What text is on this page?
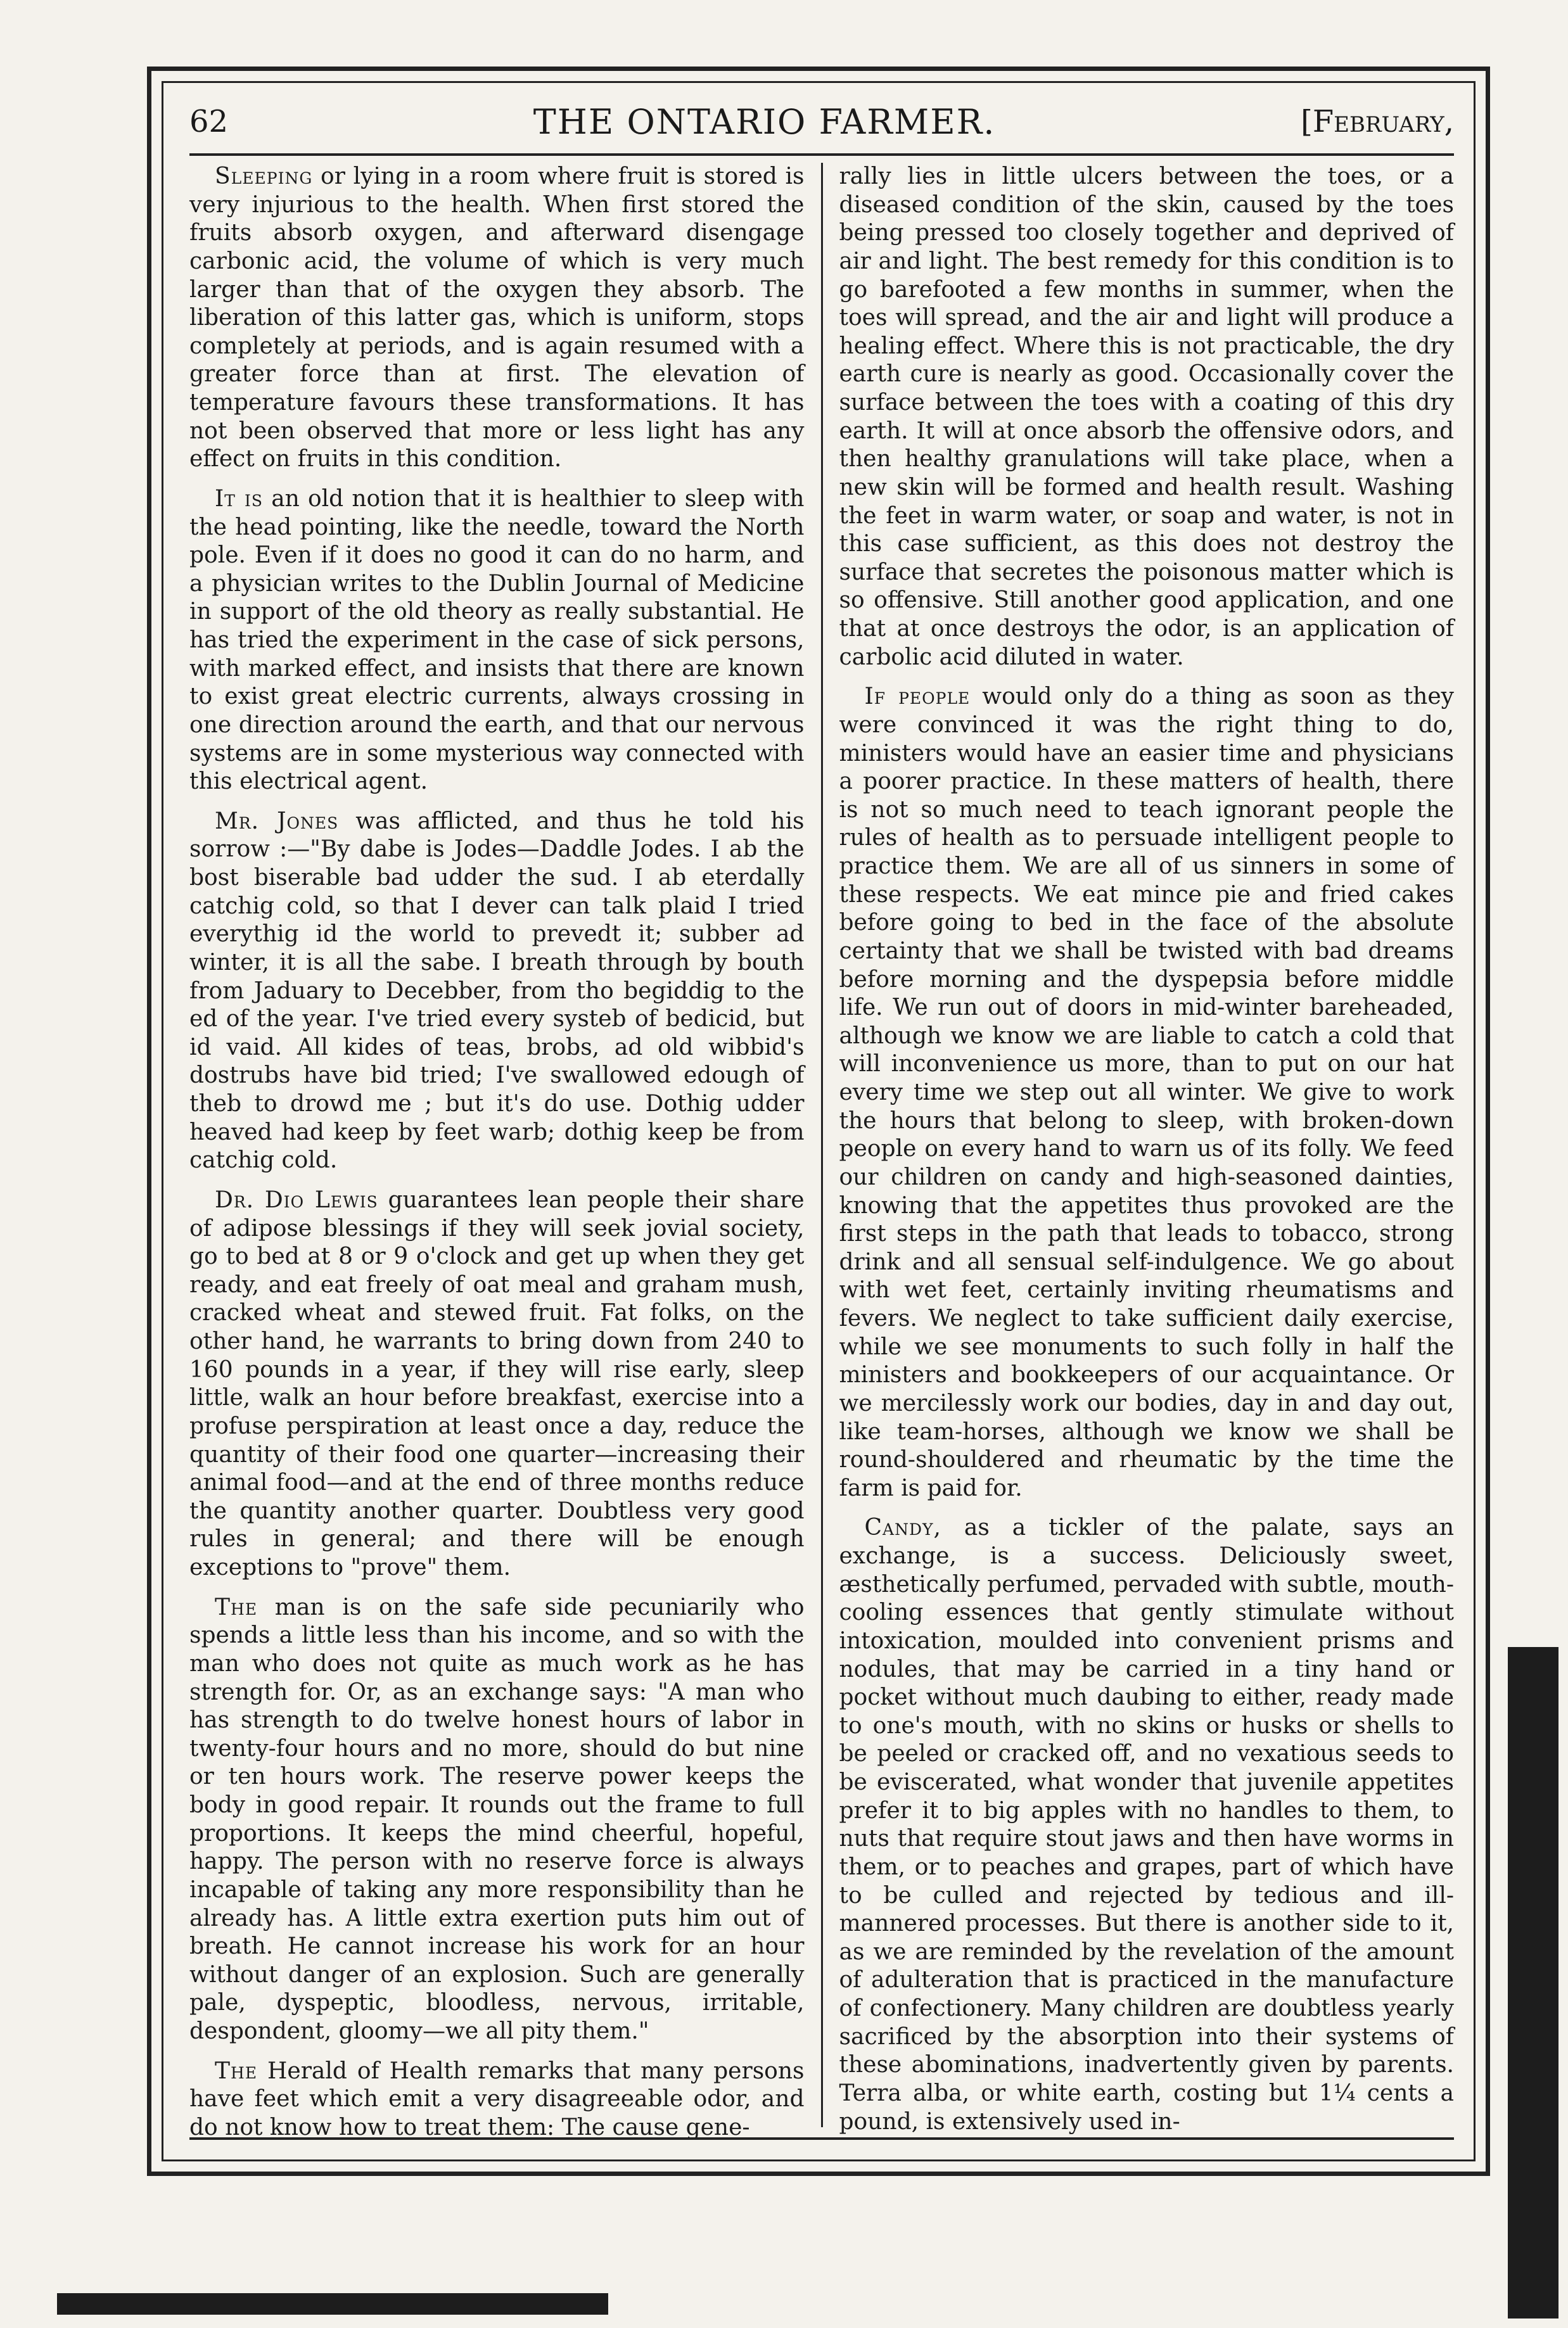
62	THE ONTARIO FARMER.	[February,

Sleeping or lying in a room where fruit is stored is very injurious to the health. When first stored the fruits absorb oxygen, and afterward disengage carbonic acid, the volume of which is very much larger than that of the oxygen they absorb. The liberation of this latter gas, which is uniform, stops completely at periods, and is again resumed with a greater force than at first. The elevation of temperature favours these transformations. It has not been observed that more or less light has any effect on fruits in this condition.

It is an old notion that it is healthier to sleep with the head pointing, like the needle, toward the North pole. Even if it does no good it can do no harm, and a physician writes to the Dublin Journal of Medicine in support of the old theory as really substantial. He has tried the experiment in the case of sick persons, with marked effect, and insists that there are known to exist great electric currents, always crossing in one direction around the earth, and that our nervous systems are in some mysterious way connected with this electrical agent.

Mr. Jones was afflicted, and thus he told his sorrow :—"By dabe is Jodes—Daddle Jodes. I ab the bost biserable bad udder the sud. I ab eterdally catchig cold, so that I dever can talk plaid I tried everythig id the world to prevedt it; subber ad winter, it is all the sabe. I breath through by bouth from Jaduary to Decebber, from tho begiddig to the ed of the year. I've tried every systeb of bedicid, but id vaid. All kides of teas, brobs, ad old wibbid's dostrubs have bid tried; I've swallowed edough of theb to drowd me ; but it's do use. Dothig udder heaved had keep by feet warb; dothig keep be from catchig cold.

Dr. Dio Lewis guarantees lean people their share of adipose blessings if they will seek jovial society, go to bed at 8 or 9 o'clock and get up when they get ready, and eat freely of oat meal and graham mush, cracked wheat and stewed fruit. Fat folks, on the other hand, he warrants to bring down from 240 to 160 pounds in a year, if they will rise early, sleep little, walk an hour before breakfast, exercise into a profuse perspiration at least once a day, reduce the quantity of their food one quarter—increasing their animal food—and at the end of three months reduce the quantity another quarter. Doubtless very good rules in general; and there will be enough exceptions to "prove" them.

The man is on the safe side pecuniarily who spends a little less than his income, and so with the man who does not quite as much work as he has strength for. Or, as an exchange says: "A man who has strength to do twelve honest hours of labor in twenty-four hours and no more, should do but nine or ten hours work. The reserve power keeps the body in good repair. It rounds out the frame to full proportions. It keeps the mind cheerful, hopeful, happy. The person with no reserve force is always incapable of taking any more responsibility than he already has. A little extra exertion puts him out of breath. He cannot increase his work for an hour without danger of an explosion. Such are generally pale, dyspeptic, bloodless, nervous, irritable, despondent, gloomy—we all pity them."

The Herald of Health remarks that many persons have feet which emit a very disagreeable odor, and do not know how to treat them: The cause gene-

rally lies in little ulcers between the toes, or a diseased condition of the skin, caused by the toes being pressed too closely together and deprived of air and light. The best remedy for this condition is to go barefooted a few months in summer, when the toes will spread, and the air and light will produce a healing effect. Where this is not practicable, the dry earth cure is nearly as good. Occasionally cover the surface between the toes with a coating of this dry earth. It will at once absorb the offensive odors, and then healthy granulations will take place, when a new skin will be formed and health result. Washing the feet in warm water, or soap and water, is not in this case sufficient, as this does not destroy the surface that secretes the poisonous matter which is so offensive. Still another good application, and one that at once destroys the odor, is an application of carbolic acid diluted in water.

If people would only do a thing as soon as they were convinced it was the right thing to do, ministers would have an easier time and physicians a poorer practice. In these matters of health, there is not so much need to teach ignorant people the rules of health as to persuade intelligent people to practice them. We are all of us sinners in some of these respects. We eat mince pie and fried cakes before going to bed in the face of the absolute certainty that we shall be twisted with bad dreams before morning and the dyspepsia before middle life. We run out of doors in mid-winter bareheaded, although we know we are liable to catch a cold that will inconvenience us more, than to put on our hat every time we step out all winter. We give to work the hours that belong to sleep, with broken-down people on every hand to warn us of its folly. We feed our children on candy and high-seasoned dainties, knowing that the appetites thus provoked are the first steps in the path that leads to tobacco, strong drink and all sensual self-indulgence. We go about with wet feet, certainly inviting rheumatisms and fevers. We neglect to take sufficient daily exercise, while we see monuments to such folly in half the ministers and bookkeepers of our acquaintance. Or we mercilessly work our bodies, day in and day out, like team-horses, although we know we shall be round-shouldered and rheumatic by the time the farm is paid for.

Candy, as a tickler of the palate, says an exchange, is a success. Deliciously sweet, æsthetically perfumed, pervaded with subtle, mouth-cooling essences that gently stimulate without intoxication, moulded into convenient prisms and nodules, that may be carried in a tiny hand or pocket without much daubing to either, ready made to one's mouth, with no skins or husks or shells to be peeled or cracked off, and no vexatious seeds to be eviscerated, what wonder that juvenile appetites prefer it to big apples with no handles to them, to nuts that require stout jaws and then have worms in them, or to peaches and grapes, part of which have to be culled and rejected by tedious and ill-mannered processes. But there is another side to it, as we are reminded by the revelation of the amount of adulteration that is practiced in the manufacture of confectionery. Many children are doubtless yearly sacrificed by the absorption into their systems of these abominations, inadvertently given by parents. Terra alba, or white earth, costing but 1¼ cents a pound, is extensively used in-
